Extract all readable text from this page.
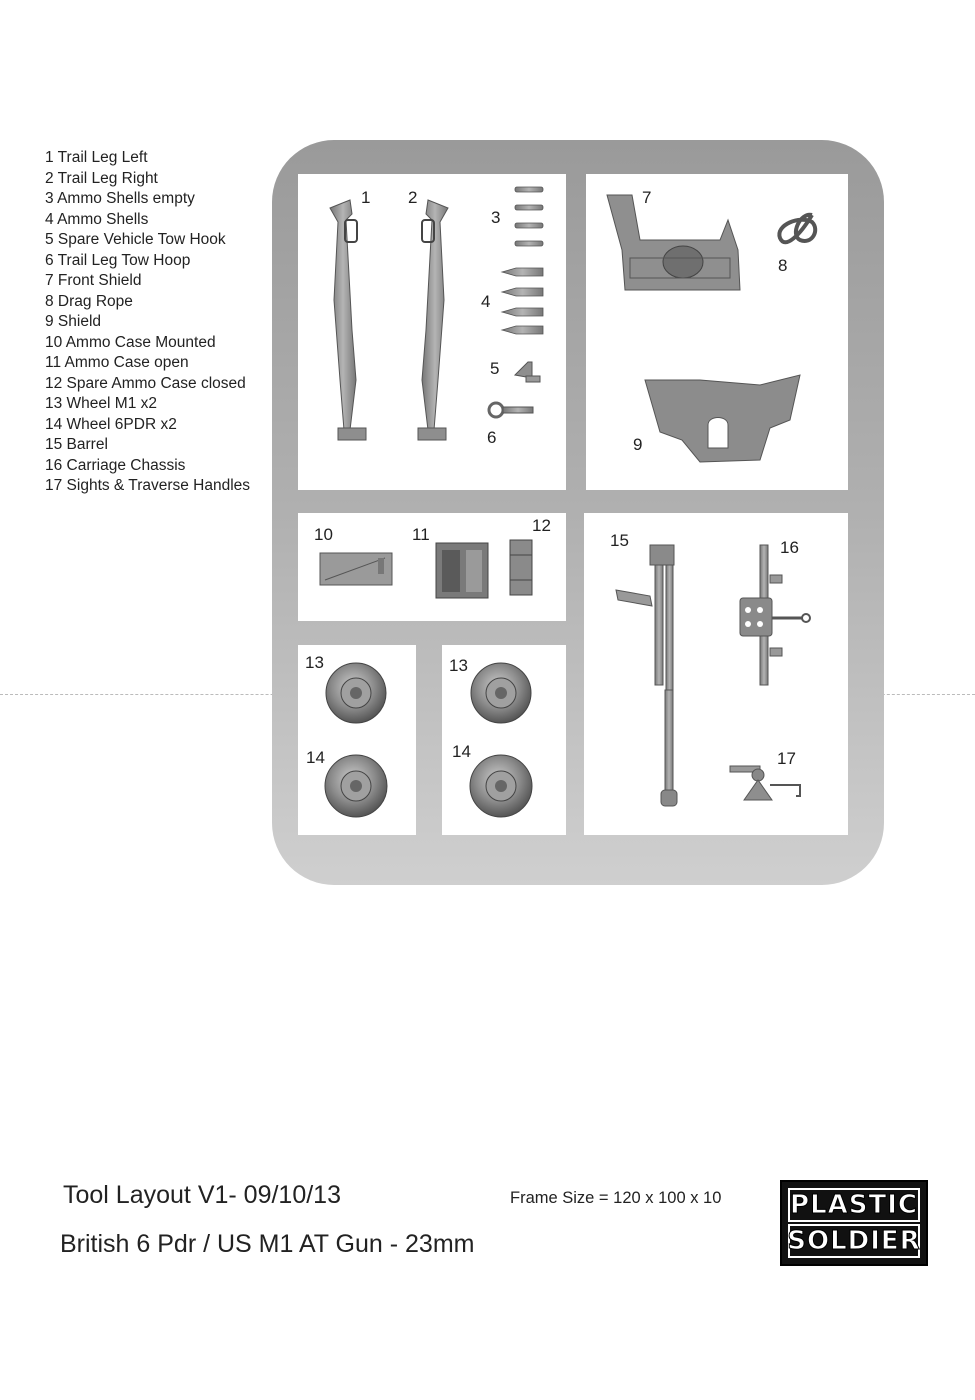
1 Trail Leg Left
2 Trail Leg Right
3 Ammo Shells empty
4 Ammo Shells
5 Spare Vehicle Tow Hook
6 Trail Leg Tow Hoop
7 Front Shield
8 Drag Rope
9 Shield
10 Ammo Case Mounted
11 Ammo Case open
12 Spare Ammo Case closed
13 Wheel M1 x2
14 Wheel 6PDR x2
15 Barrel
16 Carriage Chassis
17 Sights & Traverse Handles
1 2
3
4
5
6
7
8
9
10	11	12
13	13
14	14
15	16
17
Tool Layout V1- 09/10/13
British 6 Pdr / US M1 AT Gun - 23mm
Frame Size = 120 x 100 x 10	PLASTIC
SOLDIER
